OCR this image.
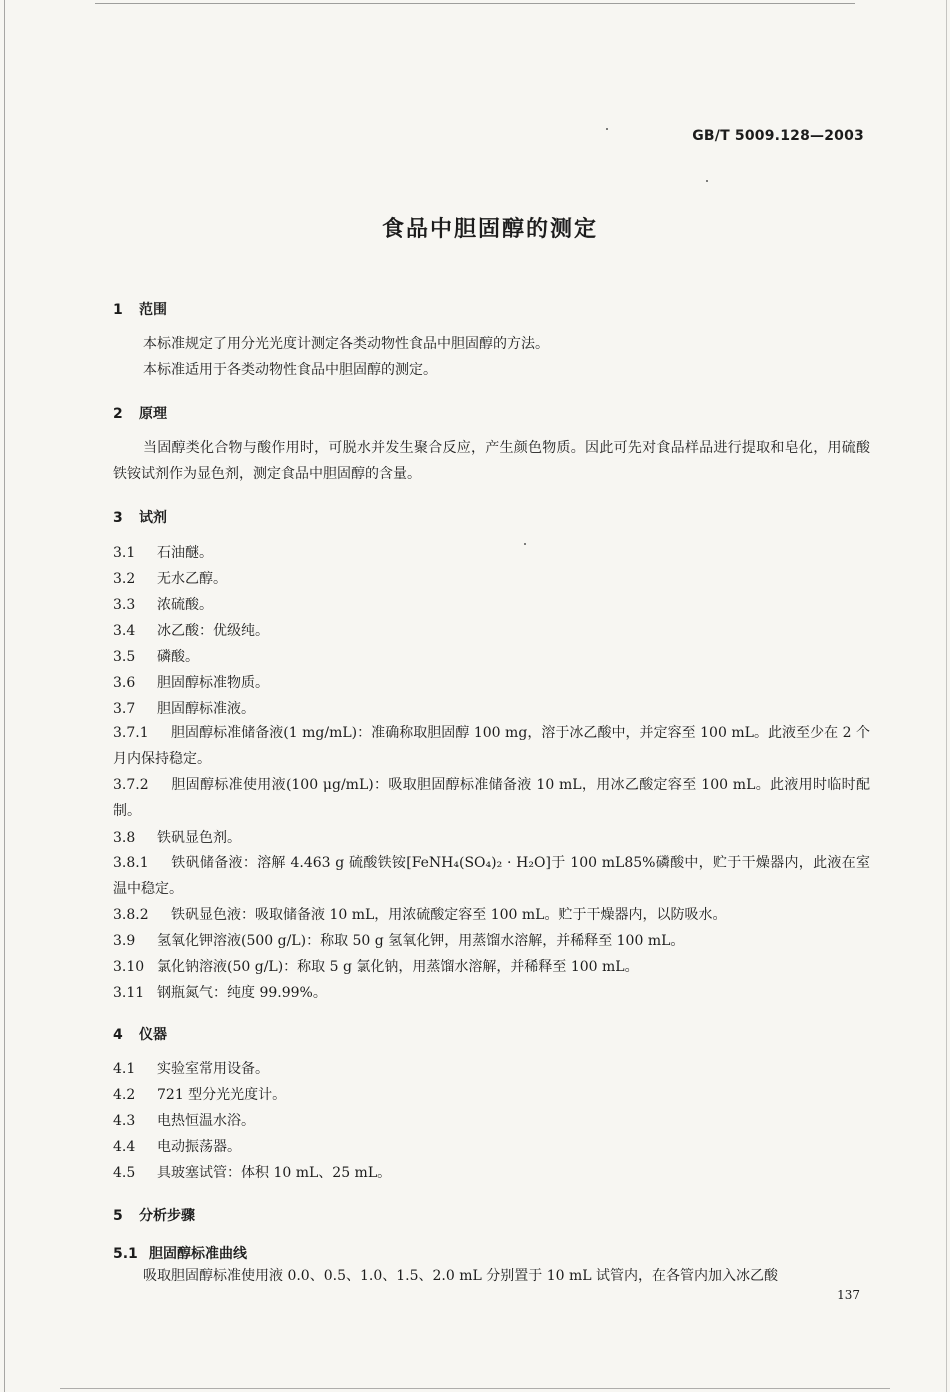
GB/T 5009.128—2003
食品中胆固醇的测定
1 范围
本标准规定了用分光光度计测定各类动物性食品中胆固醇的方法。
本标准适用于各类动物性食品中胆固醇的测定。
2 原理
当固醇类化合物与酸作用时，可脱水并发生聚合反应，产生颜色物质。因此可先对食品样品进行提取和皂化，用硫酸铁铵试剂作为显色剂，测定食品中胆固醇的含量。
3 试剂
3.1 石油醚。
3.2 无水乙醇。
3.3 浓硫酸。
3.4 冰乙酸：优级纯。
3.5 磷酸。
3.6 胆固醇标准物质。
3.7 胆固醇标准液。
3.7.1 胆固醇标准储备液(1 mg/mL)：准确称取胆固醇 100 mg，溶于冰乙酸中，并定容至 100 mL。此液至少在 2 个月内保持稳定。
3.7.2 胆固醇标准使用液(100 μg/mL)：吸取胆固醇标准储备液 10 mL，用冰乙酸定容至 100 mL。此液用时临时配制。
3.8 铁矾显色剂。
3.8.1 铁矾储备液：溶解 4.463 g 硫酸铁铵[FeNH₄(SO₄)₂ · H₂O]于 100 mL85%磷酸中，贮于干燥器内，此液在室温中稳定。
3.8.2 铁矾显色液：吸取储备液 10 mL，用浓硫酸定容至 100 mL。贮于干燥器内，以防吸水。
3.9 氢氧化钾溶液(500 g/L)：称取 50 g 氢氧化钾，用蒸馏水溶解，并稀释至 100 mL。
3.10 氯化钠溶液(50 g/L)：称取 5 g 氯化钠，用蒸馏水溶解，并稀释至 100 mL。
3.11 钢瓶氮气：纯度 99.99%。
4 仪器
4.1 实验室常用设备。
4.2 721 型分光光度计。
4.3 电热恒温水浴。
4.4 电动振荡器。
4.5 具玻塞试管：体积 10 mL、25 mL。
5 分析步骤
5.1 胆固醇标准曲线
吸取胆固醇标准使用液 0.0、0.5、1.0、1.5、2.0 mL 分别置于 10 mL 试管内，在各管内加入冰乙酸
137
